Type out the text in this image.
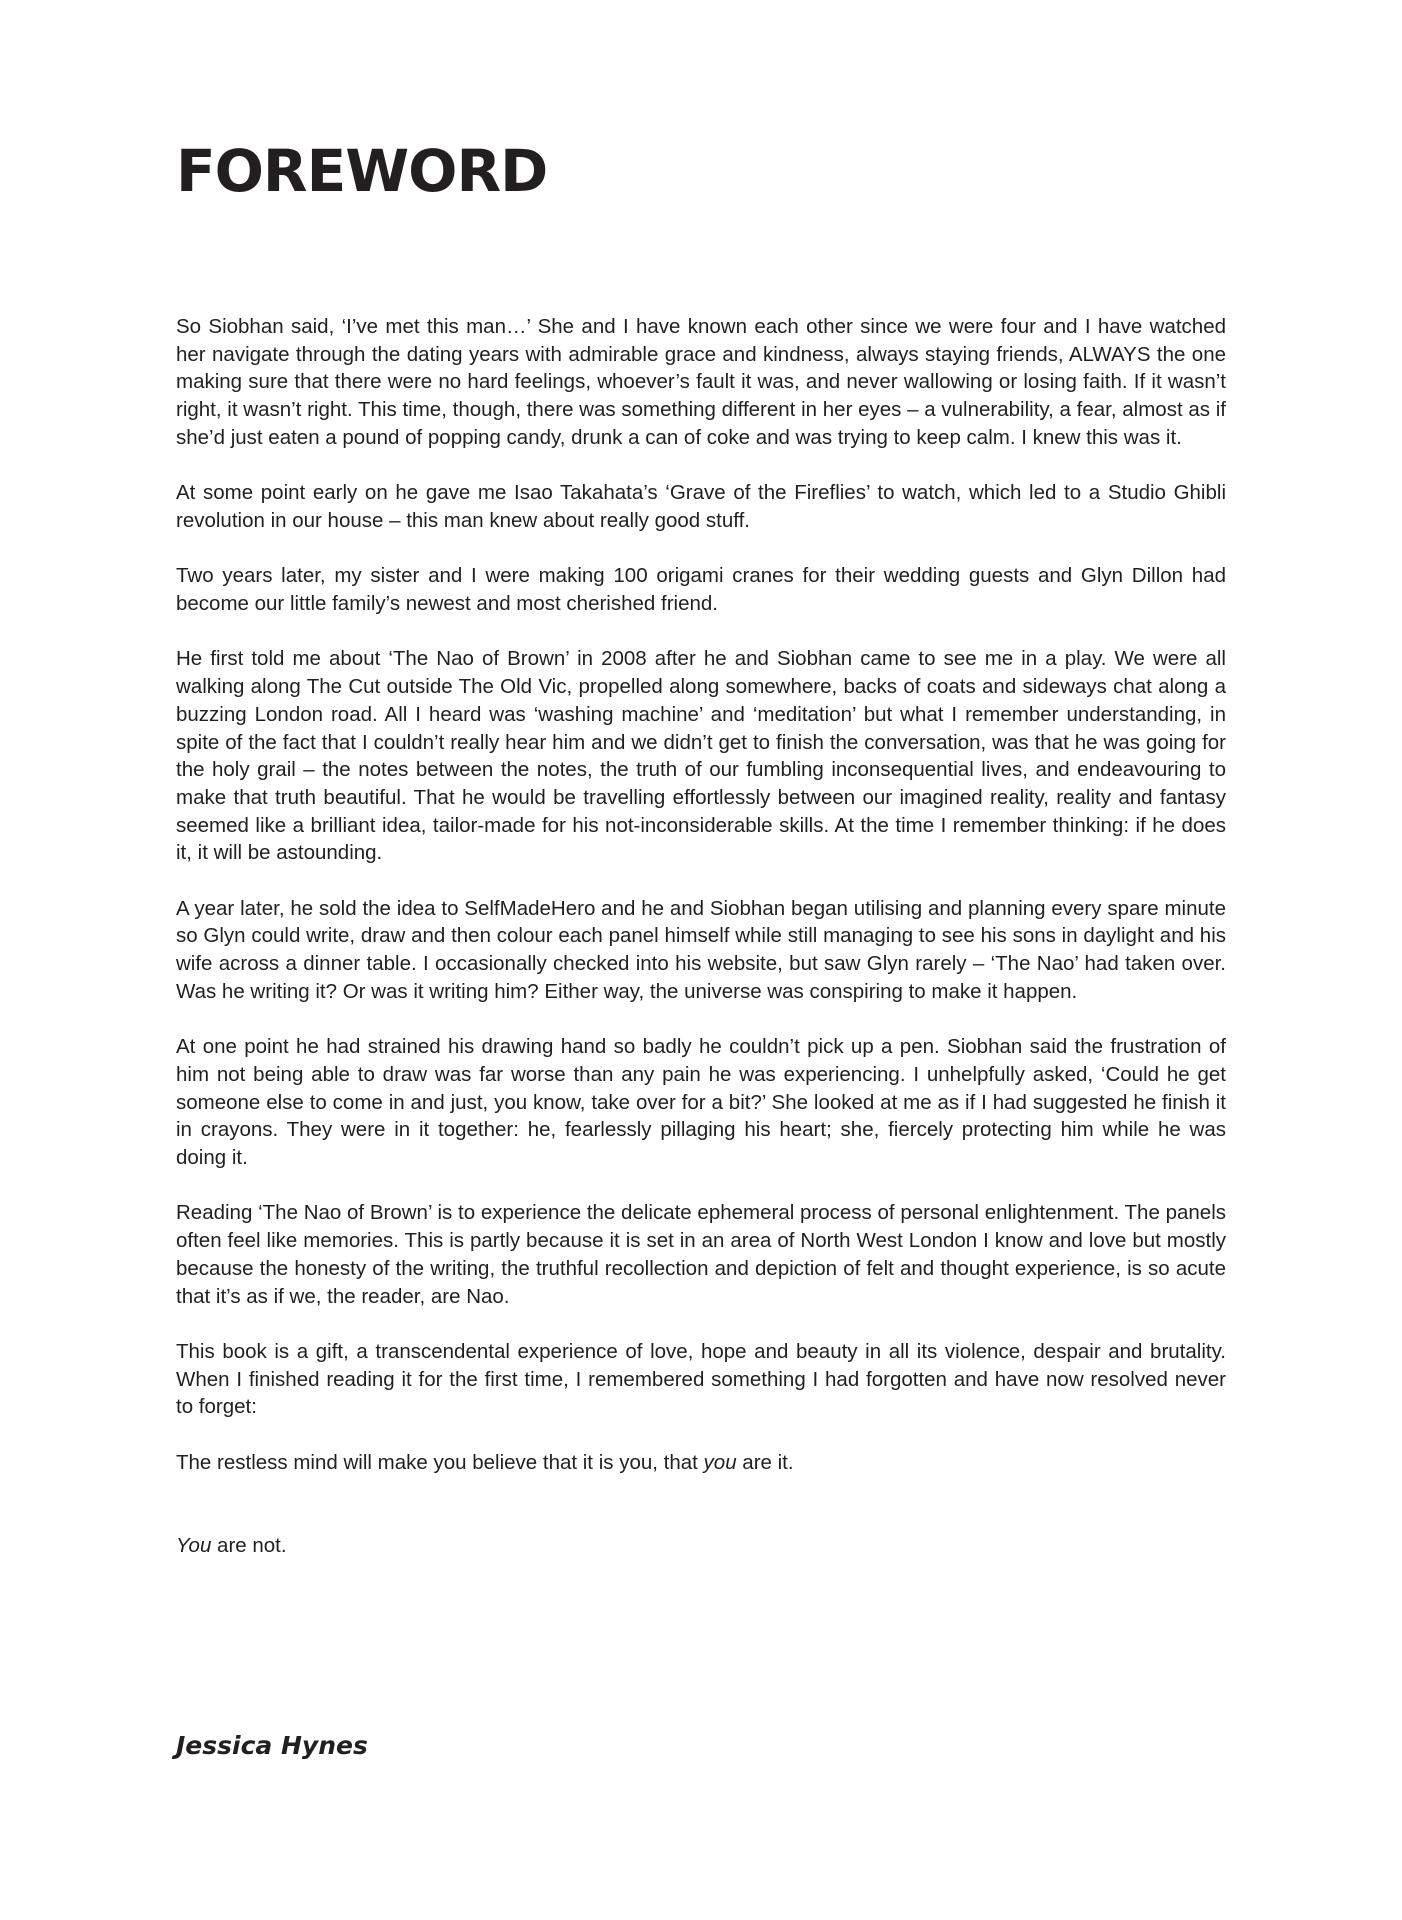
FOREWORD

So Siobhan said, ‘I’ve met this man…’ She and I have known each other since we were four and I have watched her navigate through the dating years with admirable grace and kindness, always staying friends, ALWAYS the one making sure that there were no hard feelings, whoever’s fault it was, and never wallowing or losing faith. If it wasn’t right, it wasn’t right. This time, though, there was something different in her eyes – a vulnerability, a fear, almost as if she’d just eaten a pound of popping candy, drunk a can of coke and was trying to keep calm. I knew this was it.

At some point early on he gave me Isao Takahata’s ‘Grave of the Fireflies’ to watch, which led to a Studio Ghibli revolution in our house – this man knew about really good stuff.

Two years later, my sister and I were making 100 origami cranes for their wedding guests and Glyn Dillon had become our little family’s newest and most cherished friend.

He first told me about ‘The Nao of Brown’ in 2008 after he and Siobhan came to see me in a play. We were all walking along The Cut outside The Old Vic, propelled along somewhere, backs of coats and sideways chat along a buzzing London road. All I heard was ‘washing machine’ and ‘meditation’ but what I remember understanding, in spite of the fact that I couldn’t really hear him and we didn’t get to finish the conversation, was that he was going for the holy grail – the notes between the notes, the truth of our fumbling inconsequential lives, and endeavouring to make that truth beautiful. That he would be travelling effortlessly between our imagined reality, reality and fantasy seemed like a brilliant idea, tailor-made for his not-inconsiderable skills. At the time I remember thinking: if he does it, it will be astounding.

A year later, he sold the idea to SelfMadeHero and he and Siobhan began utilising and planning every spare minute so Glyn could write, draw and then colour each panel himself while still managing to see his sons in daylight and his wife across a dinner table. I occasionally checked into his website, but saw Glyn rarely – ‘The Nao’ had taken over. Was he writing it? Or was it writing him? Either way, the universe was conspiring to make it happen.

At one point he had strained his drawing hand so badly he couldn’t pick up a pen. Siobhan said the frustration of him not being able to draw was far worse than any pain he was experiencing. I unhelpfully asked, ‘Could he get someone else to come in and just, you know, take over for a bit?’ She looked at me as if I had suggested he finish it in crayons. They were in it together: he, fearlessly pillaging his heart; she, fiercely protecting him while he was doing it.

Reading ‘The Nao of Brown’ is to experience the delicate ephemeral process of personal enlightenment. The panels often feel like memories. This is partly because it is set in an area of North West London I know and love but mostly because the honesty of the writing, the truthful recollection and depiction of felt and thought experience, is so acute that it’s as if we, the reader, are Nao.

This book is a gift, a transcendental experience of love, hope and beauty in all its violence, despair and brutality. When I finished reading it for the first time, I remembered something I had forgotten and have now resolved never to forget:

The restless mind will make you believe that it is you, that you are it.

You are not.

Jessica Hynes
